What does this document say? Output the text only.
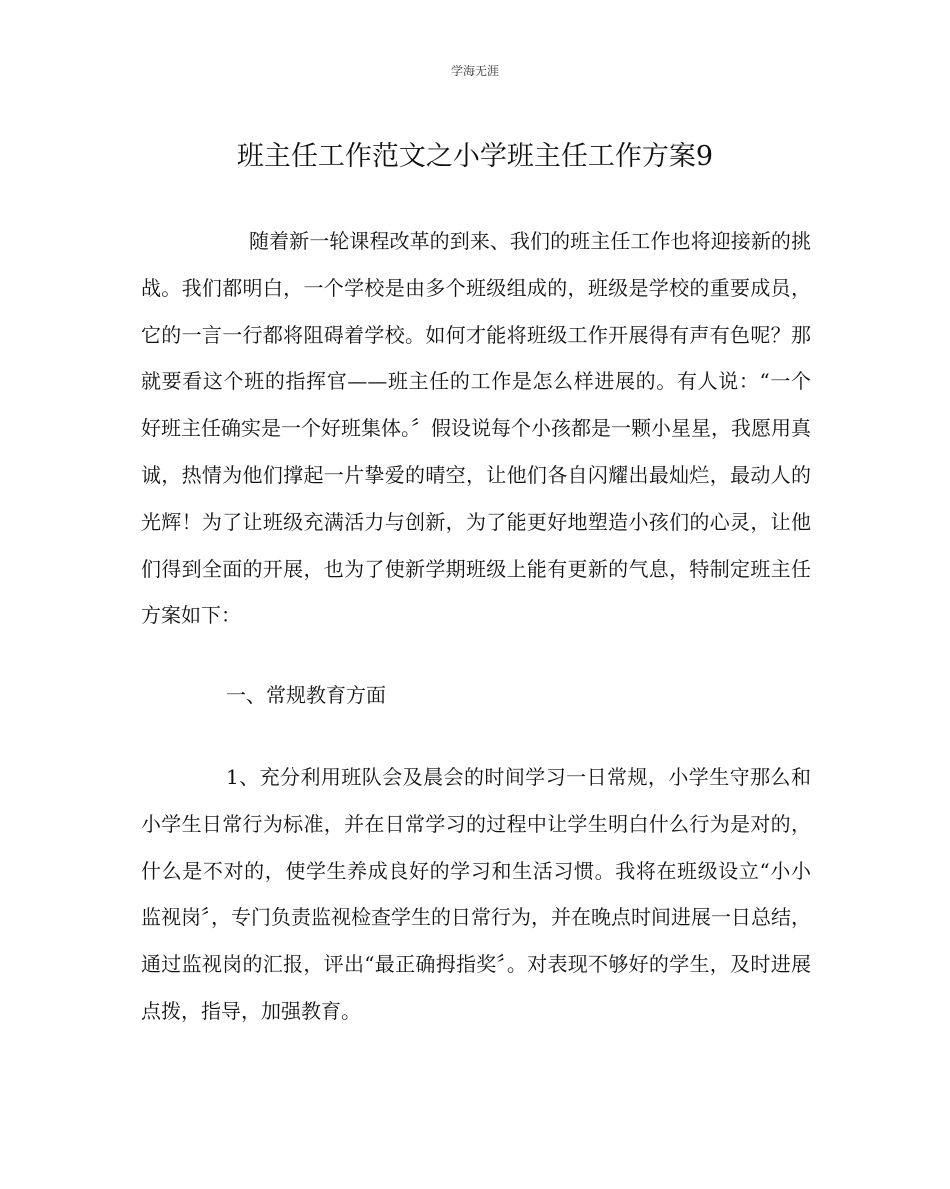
学海无涯
班主任工作范文之小学班主任工作方案9

随着新一轮课程改革的到来、我们的班主任工作也将迎接新的挑战。我们都明白，一个学校是由多个班级组成的，班级是学校的重要成员，它的一言一行都将阻碍着学校。如何才能将班级工作开展得有声有色呢？那就要看这个班的指挥官——班主任的工作是怎么样进展的。有人说：“一个好班主任确实是一个好班集体。〞假设说每个小孩都是一颗小星星，我愿用真诚，热情为他们撑起一片挚爱的晴空，让他们各自闪耀出最灿烂，最动人的光辉！为了让班级充满活力与创新，为了能更好地塑造小孩们的心灵，让他们得到全面的开展，也为了使新学期班级上能有更新的气息，特制定班主任方案如下：

一、常规教育方面

1、充分利用班队会及晨会的时间学习一日常规，小学生守那么和小学生日常行为标准，并在日常学习的过程中让学生明白什么行为是对的，什么是不对的，使学生养成良好的学习和生活习惯。我将在班级设立“小小监视岗〞，专门负责监视检查学生的日常行为，并在晚点时间进展一日总结，通过监视岗的汇报，评出“最正确拇指奖〞。对表现不够好的学生，及时进展点拨，指导，加强教育。
